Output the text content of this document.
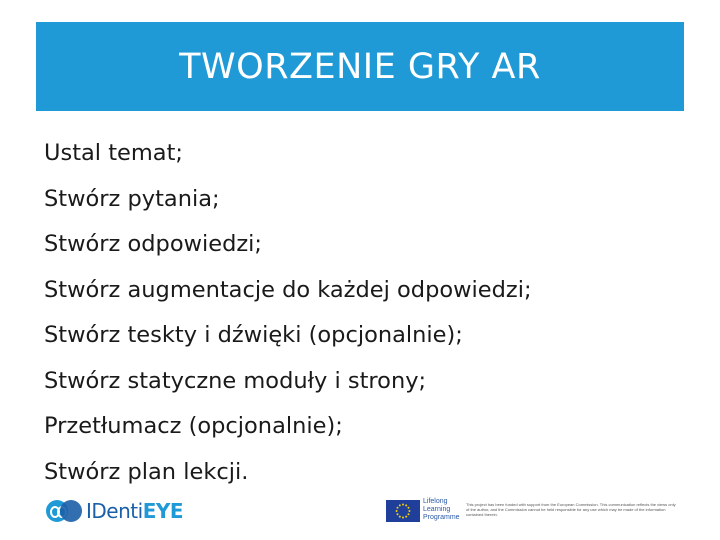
TWORZENIE GRY AR
Ustal temat;
Stwórz pytania;
Stwórz odpowiedzi;
Stwórz augmentacje do każdej odpowiedzi;
Stwórz teskty i dźwięki (opcjonalnie);
Stwórz statyczne moduły i strony;
Przetłumacz (opcjonalnie);
Stwórz plan lekcji.
IDenti EYE	Lifelong
Learning
Programme
This project has been funded with support from the European Commission. This communication reflects the views only of the author, and the Commission cannot be held responsible for any use which may be made of the information contained therein.
